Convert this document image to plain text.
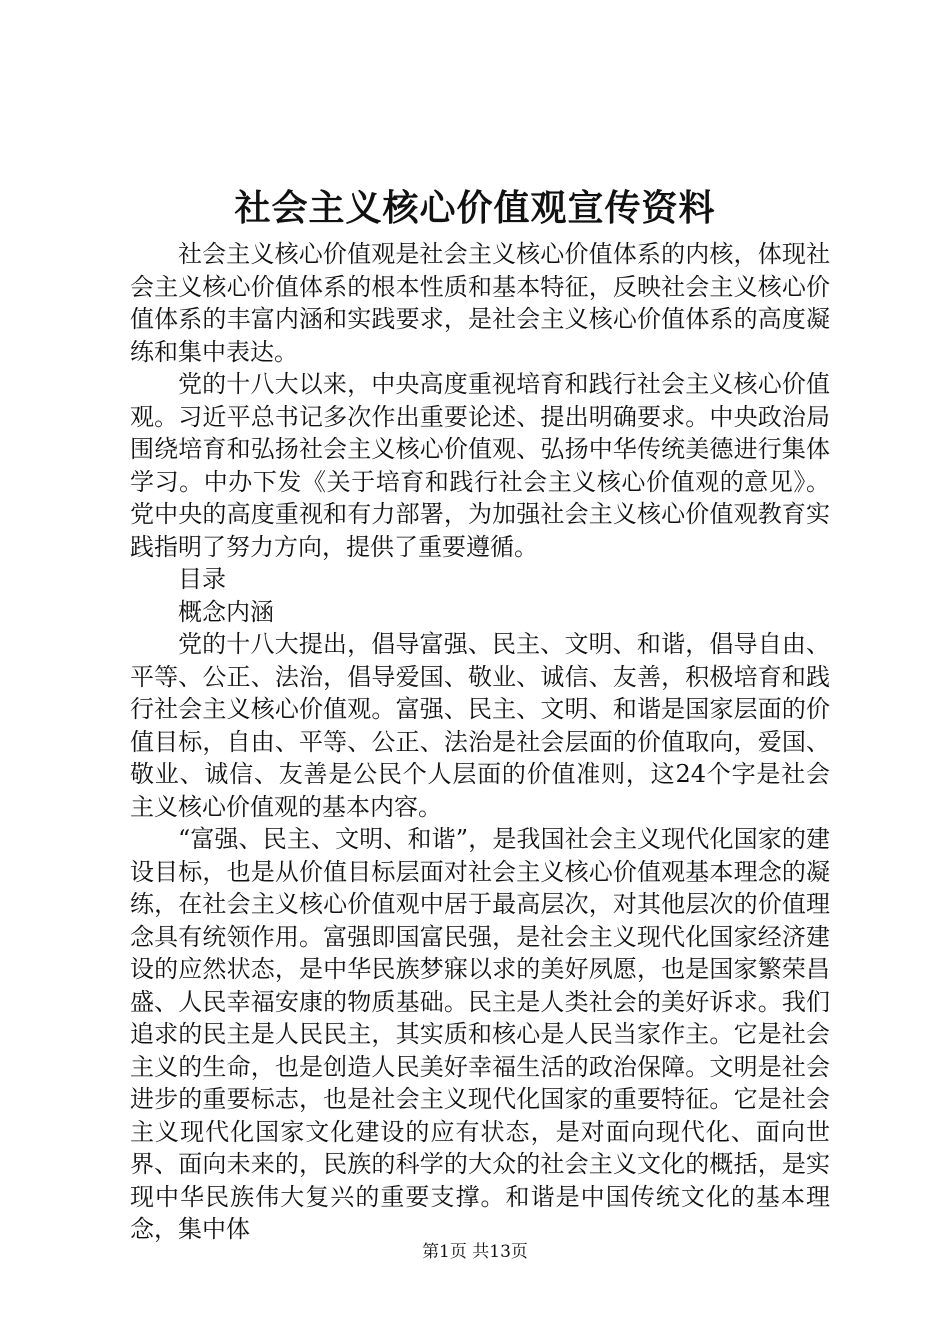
社会主义核心价值观宣传资料

社会主义核心价值观是社会主义核心价值体系的内核，体现社会主义核心价值体系的根本性质和基本特征，反映社会主义核心价值体系的丰富内涵和实践要求，是社会主义核心价值体系的高度凝练和集中表达。

党的十八大以来，中央高度重视培育和践行社会主义核心价值观。习近平总书记多次作出重要论述、提出明确要求。中央政治局围绕培育和弘扬社会主义核心价值观、弘扬中华传统美德进行集体学习。中办下发《关于培育和践行社会主义核心价值观的意见》。党中央的高度重视和有力部署，为加强社会主义核心价值观教育实践指明了努力方向，提供了重要遵循。

目录

概念内涵

党的十八大提出，倡导富强、民主、文明、和谐，倡导自由、平等、公正、法治，倡导爱国、敬业、诚信、友善，积极培育和践行社会主义核心价值观。富强、民主、文明、和谐是国家层面的价值目标，自由、平等、公正、法治是社会层面的价值取向，爱国、敬业、诚信、友善是公民个人层面的价值准则，这24个字是社会主义核心价值观的基本内容。

“富强、民主、文明、和谐”，是我国社会主义现代化国家的建设目标，也是从价值目标层面对社会主义核心价值观基本理念的凝练，在社会主义核心价值观中居于最高层次，对其他层次的价值理念具有统领作用。富强即国富民强，是社会主义现代化国家经济建设的应然状态，是中华民族梦寐以求的美好夙愿，也是国家繁荣昌盛、人民幸福安康的物质基础。民主是人类社会的美好诉求。我们追求的民主是人民民主，其实质和核心是人民当家作主。它是社会主义的生命，也是创造人民美好幸福生活的政治保障。文明是社会进步的重要标志，也是社会主义现代化国家的重要特征。它是社会主义现代化国家文化建设的应有状态，是对面向现代化、面向世界、面向未来的，民族的科学的大众的社会主义文化的概括，是实现中华民族伟大复兴的重要支撑。和谐是中国传统文化的基本理念，集中体

第1页 共13页
